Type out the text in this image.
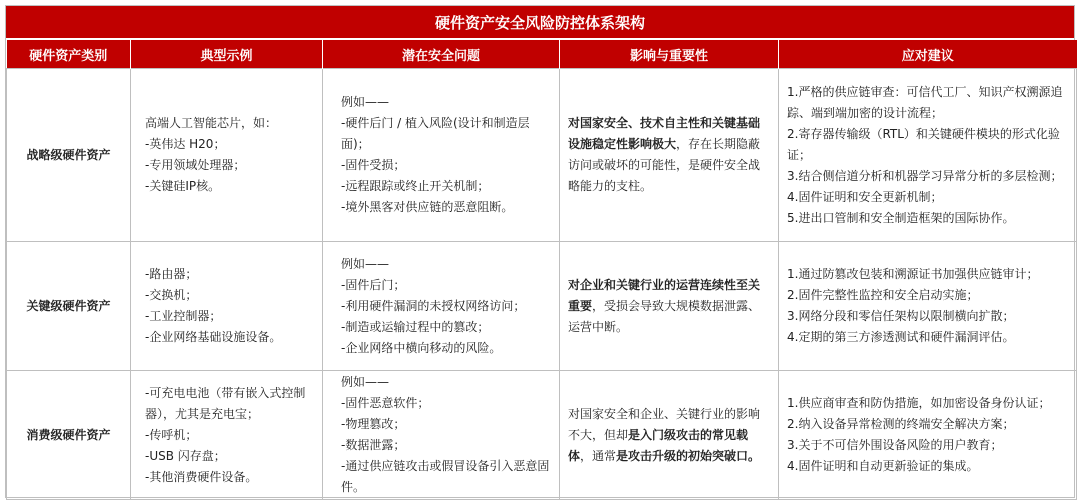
硬件资产安全风险防控体系架构
硬件资产类别	典型示例	潜在安全问题	影响与重要性	应对建议
战略级硬件资产	高端人工智能芯片，如：
-英伟达 H20；
-专用领域处理器；
-关键硅IP核。	例如——
-硬件后门 / 植入风险(设计和制造层面)；
-固件受损；
-远程跟踪或终止开关机制；
-境外黑客对供应链的恶意阻断。	对国家安全、技术自主性和关键基础设施稳定性影响极大，存在长期隐蔽访问或破坏的可能性，是硬件安全战略能力的支柱。	1.严格的供应链审查：可信代工厂、知识产权溯源追踪、端到端加密的设计流程；
2.寄存器传输级（RTL）和关键硬件模块的形式化验证；
3.结合侧信道分析和机器学习异常分析的多层检测；
4.固件证明和安全更新机制；
5.进出口管制和安全制造框架的国际协作。
关键级硬件资产	-路由器；
-交换机；
-工业控制器；
-企业网络基础设施设备。	例如——
-固件后门；
-利用硬件漏洞的未授权网络访问；
-制造或运输过程中的篡改；
-企业网络中横向移动的风险。	对企业和关键行业的运营连续性至关重要，受损会导致大规模数据泄露、运营中断。	1.通过防篡改包装和溯源证书加强供应链审计；
2.固件完整性监控和安全启动实施；
3.网络分段和零信任架构以限制横向扩散；
4.定期的第三方渗透测试和硬件漏洞评估。
消费级硬件资产	-可充电电池（带有嵌入式控制器），尤其是充电宝；
-传呼机；
-USB 闪存盘；
-其他消费硬件设备。	例如——
-固件恶意软件；
-物理篡改；
-数据泄露；
-通过供应链攻击或假冒设备引入恶意固件。	对国家安全和企业、关键行业的影响不大，但却是入门级攻击的常见载体，通常是攻击升级的初始突破口。	1.供应商审查和防伪措施，如加密设备身份认证；
2.纳入设备异常检测的终端安全解决方案；
3.关于不可信外围设备风险的用户教育；
4.固件证明和自动更新验证的集成。
